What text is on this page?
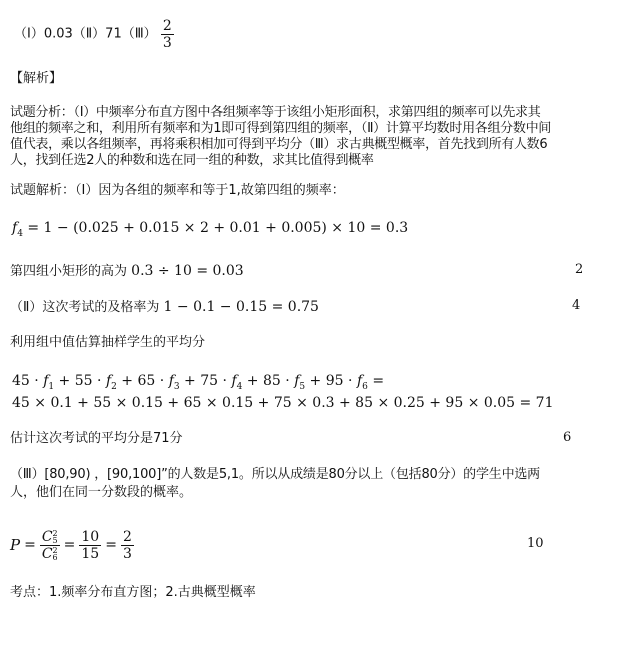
（Ⅰ）0.03（Ⅱ）71（Ⅲ） $\frac{2}{3}$
【解析】
试题分析：（Ⅰ）中频率分布直方图中各组频率等于该组小矩形面积，求第四组的频率可以先求其
他组的频率之和，利用所有频率和为1即可得到第四组的频率，（Ⅱ）计算平均数时用各组分数中间
值代表，乘以各组频率，再将乘积相加可得到平均分（Ⅲ）求古典概型概率，首先找到所有人数6
人，找到任选2人的种数和选在同一组的种数，求其比值得到概率
试题解析：（Ⅰ）因为各组的频率和等于1,故第四组的频率：
$f_4 = 1 - (0.025 + 0.015 \times 2 + 0.01 + 0.005) \times 10 = 0.3$
第四组小矩形的高为 0.3 ÷ 10 = 0.03	2
（Ⅱ）这次考试的及格率为 1 − 0.1 − 0.15 = 0.75	4
利用组中值估算抽样学生的平均分
$45 \cdot f_1 + 55 \cdot f_2 + 65 \cdot f_3 + 75 \cdot f_4 + 85 \cdot f_5 + 95 \cdot f_6$ =
45 × 0.1 + 55 × 0.15 + 65 × 0.15 + 75 × 0.3 + 85 × 0.25 + 95 × 0.05 = 71
估计这次考试的平均分是71分	6
（Ⅲ）[80,90) ，[90,100]”的人数是5,1。所以从成绩是80分以上（包括80分）的学生中选两
人，他们在同一分数段的概率。
P = C 2
5
C 2
$6 = \frac{10}{15} = \frac{2}{3}$	10
考点：1.频率分布直方图；2.古典概型概率
